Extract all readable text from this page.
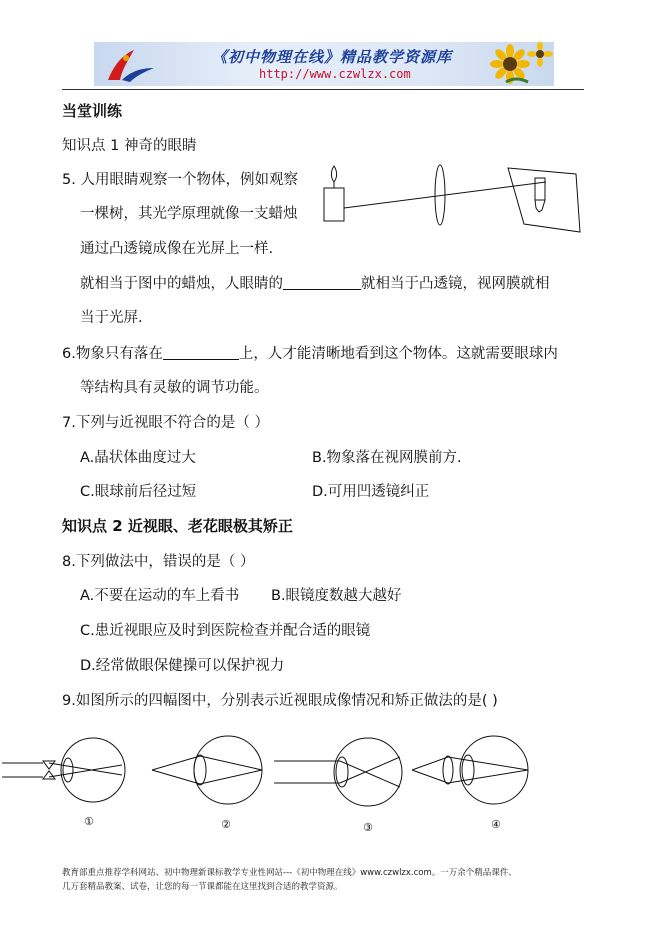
《初中物理在线》精品教学资源库
http://www.czwlzx.com
当堂训练
知识点 1 神奇的眼睛
5. 人用眼睛观察一个物体，例如观察
一棵树，其光学原理就像一支蜡烛
通过凸透镜成像在光屏上一样.
就相当于图中的蜡烛，人眼睛的	就相当于凸透镜，视网膜就相
当于光屏.
6.物象只有落在	上，人才能清晰地看到这个物体。这就需要眼球内
等结构具有灵敏的调节功能。
7.下列与近视眼不符合的是（ ）
A.晶状体曲度过大	B.物象落在视网膜前方.
C.眼球前后径过短	D.可用凹透镜纠正
知识点 2 近视眼、老花眼极其矫正
8.下列做法中，错误的是（ ）
A.不要在运动的车上看书 B.眼镜度数越大越好
C.患近视眼应及时到医院检查并配合适的眼镜
D.经常做眼保健操可以保护视力
9.如图所示的四幅图中，分别表示近视眼成像情况和矫正做法的是( )
①	②	③	④
教育部重点推荐学科网站、初中物理新课标教学专业性网站---《初中物理在线》www.czwlzx.com。一万余个精品课件、
几万套精品教案、试卷，让您的每一节课都能在这里找到合适的教学资源。
